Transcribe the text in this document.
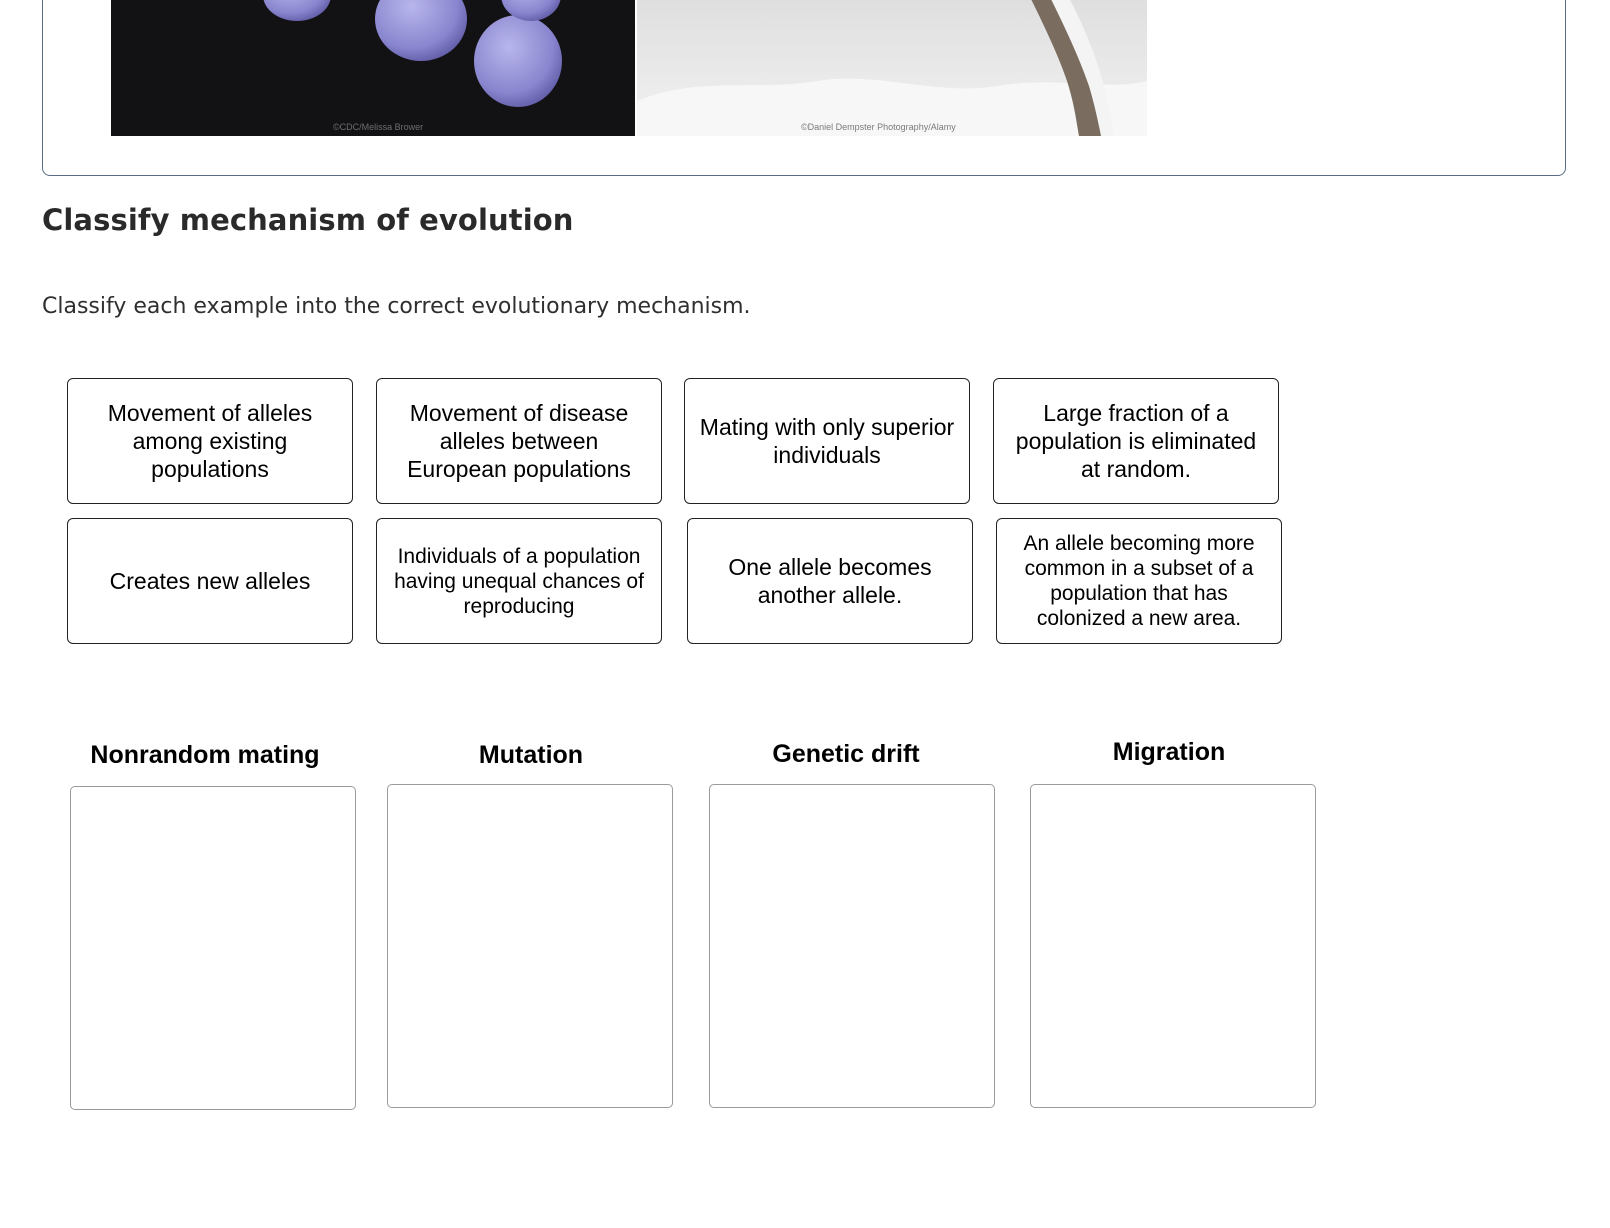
©CDC/Melissa Brower	©Daniel Dempster Photography/Alamy
Classify mechanism of evolution

Classify each example into the correct evolutionary mechanism.

Movement of alleles among existing populations
Movement of disease alleles between European populations
Mating with only superior individuals
Large fraction of a population is eliminated at random.
Creates new alleles
Individuals of a population having unequal chances of reproducing
One allele becomes another allele.
An allele becoming more common in a subset of a population that has colonized a new area.
Nonrandom mating	Mutation	Genetic drift	Migration
